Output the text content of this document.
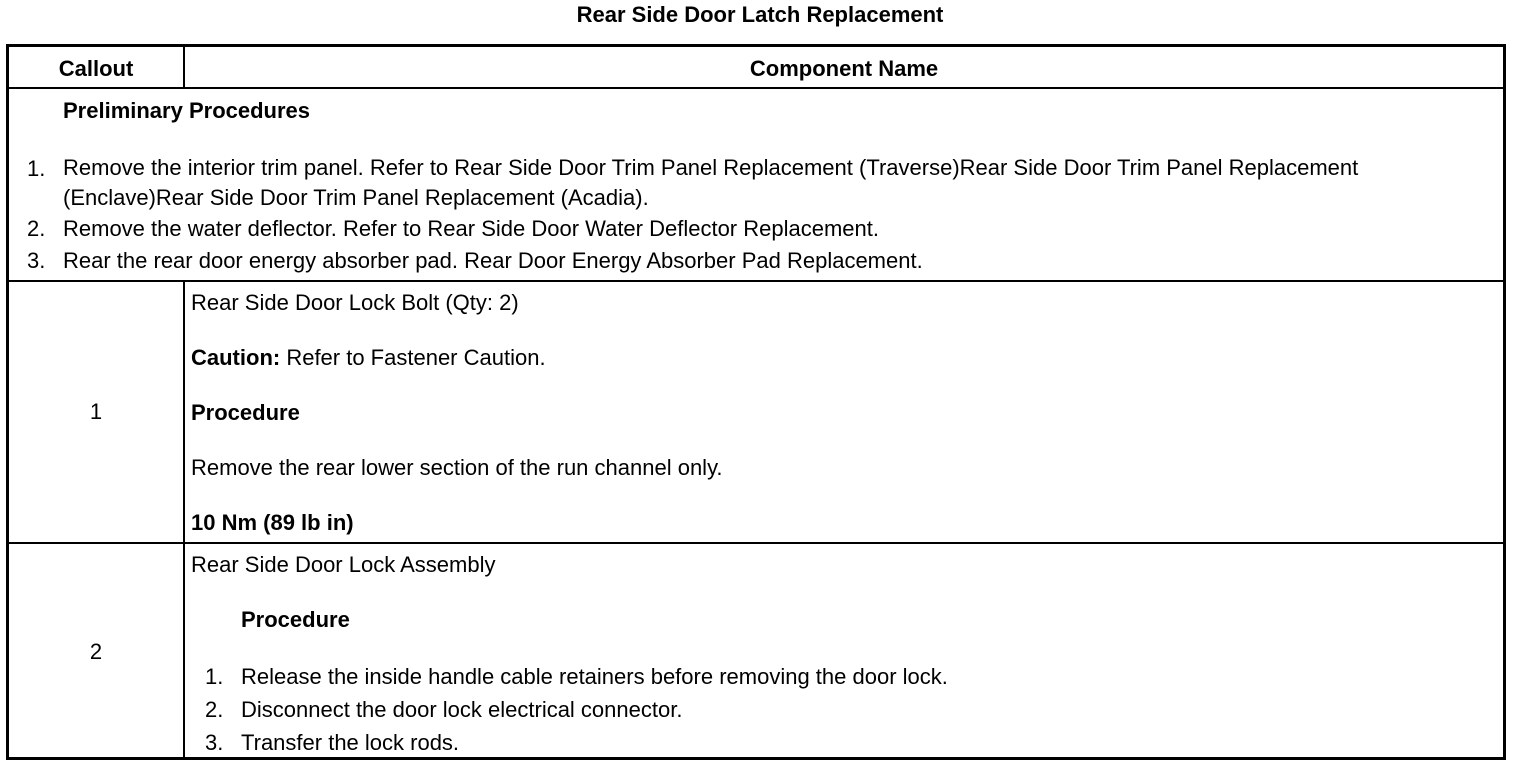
Rear Side Door Latch Replacement
Callout	Component Name
Preliminary Procedures
1. Remove the interior trim panel. Refer to Rear Side Door Trim Panel Replacement (Traverse)Rear Side Door Trim Panel Replacement (Enclave)Rear Side Door Trim Panel Replacement (Acadia).
2. Remove the water deflector. Refer to Rear Side Door Water Deflector Replacement.
3. Rear the rear door energy absorber pad. Rear Door Energy Absorber Pad Replacement.
1
Rear Side Door Lock Bolt (Qty: 2)
Caution: Refer to Fastener Caution.
Procedure
Remove the rear lower section of the run channel only.
10 Nm (89 lb in)
2
Rear Side Door Lock Assembly
Procedure
1. Release the inside handle cable retainers before removing the door lock.
2. Disconnect the door lock electrical connector.
3. Transfer the lock rods.
